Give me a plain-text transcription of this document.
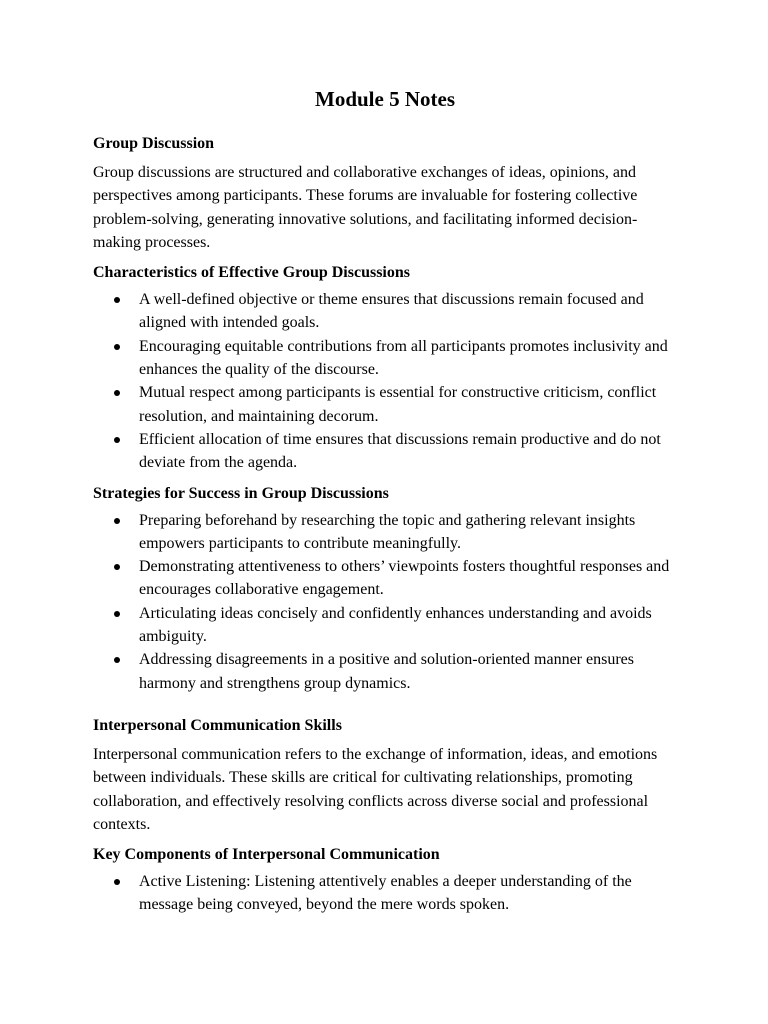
Module 5 Notes
Group Discussion

Group discussions are structured and collaborative exchanges of ideas, opinions, and perspectives among participants. These forums are invaluable for fostering collective problem-solving, generating innovative solutions, and facilitating informed decision-making processes.

Characteristics of Effective Group Discussions
A well-defined objective or theme ensures that discussions remain focused and aligned with intended goals.
Encouraging equitable contributions from all participants promotes inclusivity and enhances the quality of the discourse.
Mutual respect among participants is essential for constructive criticism, conflict resolution, and maintaining decorum.
Efficient allocation of time ensures that discussions remain productive and do not deviate from the agenda.
Strategies for Success in Group Discussions
Preparing beforehand by researching the topic and gathering relevant insights empowers participants to contribute meaningfully.
Demonstrating attentiveness to others’ viewpoints fosters thoughtful responses and encourages collaborative engagement.
Articulating ideas concisely and confidently enhances understanding and avoids ambiguity.
Addressing disagreements in a positive and solution-oriented manner ensures harmony and strengthens group dynamics.
Interpersonal Communication Skills

Interpersonal communication refers to the exchange of information, ideas, and emotions between individuals. These skills are critical for cultivating relationships, promoting collaboration, and effectively resolving conflicts across diverse social and professional contexts.

Key Components of Interpersonal Communication
Active Listening: Listening attentively enables a deeper understanding of the message being conveyed, beyond the mere words spoken.
